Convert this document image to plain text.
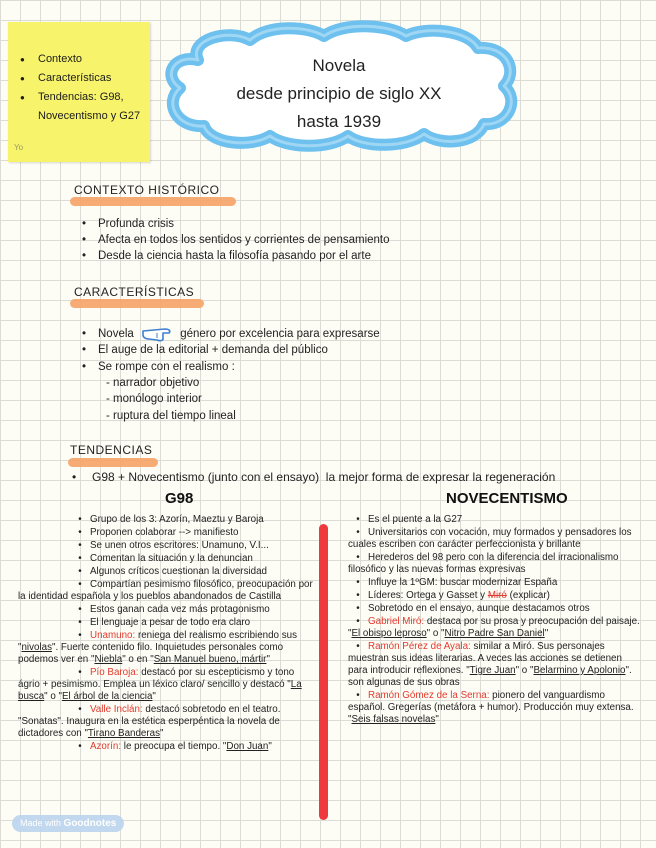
● Contexto
● Características
● Tendencias: G98, Novecentismo y G27
Yo
Novela
desde principio de siglo XX
hasta 1939
CONTEXTO HISTÓRICO
• Profunda crisis
• Afecta en todos los sentidos y corrientes de pensamiento
• Desde la ciencia hasta la filosofía pasando por el arte
CARACTERÍSTICAS
• Novela	género por excelencia para expresarse
• El auge de la editorial + demanda del público
• Se rompe con el realismo :
- narrador objetivo
- monólogo interior
- ruptura del tiempo lineal
TENDENCIAS
• G98 + Novecentismo (junto con el ensayo) la mejor forma de expresar la regeneración
G98	NOVECENTISMO

• Grupo de los 3: Azorín, Maeztu y Baroja

• Proponen colaborar --> manifiesto

• Se unen otros escritores: Unamuno, V.I...

• Comentan la situación y la denuncian

• Algunos críticos cuestionan la diversidad

• Compartían pesimismo filosófico, preocupación por la identidad española y los pueblos abandonados de Castilla

• Estos ganan cada vez más protagonismo

• El lenguaje a pesar de todo era claro

• Unamuno: reniega del realismo escribiendo sus "nivolas". Fuerte contenido filo. Inquietudes personales como podemos ver en "Niebla" o en "San Manuel bueno, mártir"

• Pío Baroja: destacó por su escepticismo y tono ágrio + pesimismo. Emplea un léxico claro/ sencillo y destacó "La busca" o "El árbol de la ciencia"

• Valle Inclán: destacó sobretodo en el teatro. "Sonatas". Inaugura en la estética esperpéntica la novela de dictadores con "Tirano Banderas"

• Azorín: le preocupa el tiempo. "Don Juan"

• Es el puente a la G27

• Universitarios con vocación, muy formados y pensadores los cuales escriben con carácter perfeccionista y brillante

• Herederos del 98 pero con la diferencia del irracionalismo filosófico y las nuevas formas expresivas

• Influye la 1ºGM: buscar modernizar España

• Líderes: Ortega y Gasset y Miró (explicar)

• Sobretodo en el ensayo, aunque destacamos otros

• Gabriel Miró: destaca por su prosa y preocupación del paisaje. "El obispo leproso" o "Nitro Padre San Daniel"

• Ramón Pérez de Ayala: similar a Miró. Sus personajes muestran sus ideas literarias. A veces las acciones se detienen para introducir reflexiones. "Tigre Juan" o "Belarmino y Apolonio". son algunas de sus obras

• Ramón Gómez de la Serna: pionero del vanguardismo español. Gregerías (metáfora + humor). Producción muy extensa. "Seis falsas novelas"

Made with Goodnotes
